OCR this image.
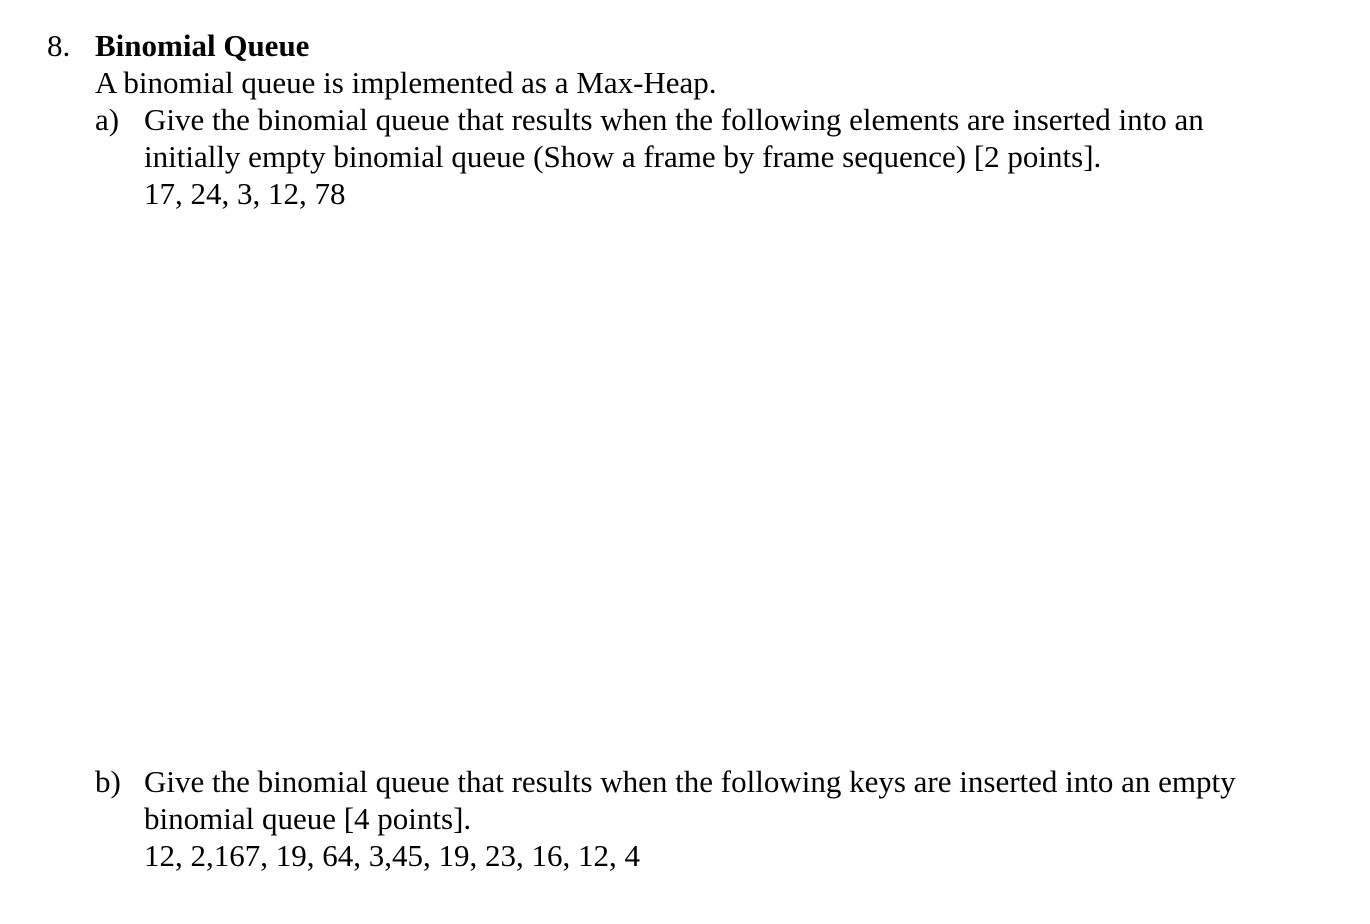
8. Binomial Queue
A binomial queue is implemented as a Max-Heap.
a) Give the binomial queue that results when the following elements are inserted into an
initially empty binomial queue (Show a frame by frame sequence) [2 points].
17, 24, 3, 12, 78
b) Give the binomial queue that results when the following keys are inserted into an empty
binomial queue [4 points].
12, 2,167, 19, 64, 3,45, 19, 23, 16, 12, 4
